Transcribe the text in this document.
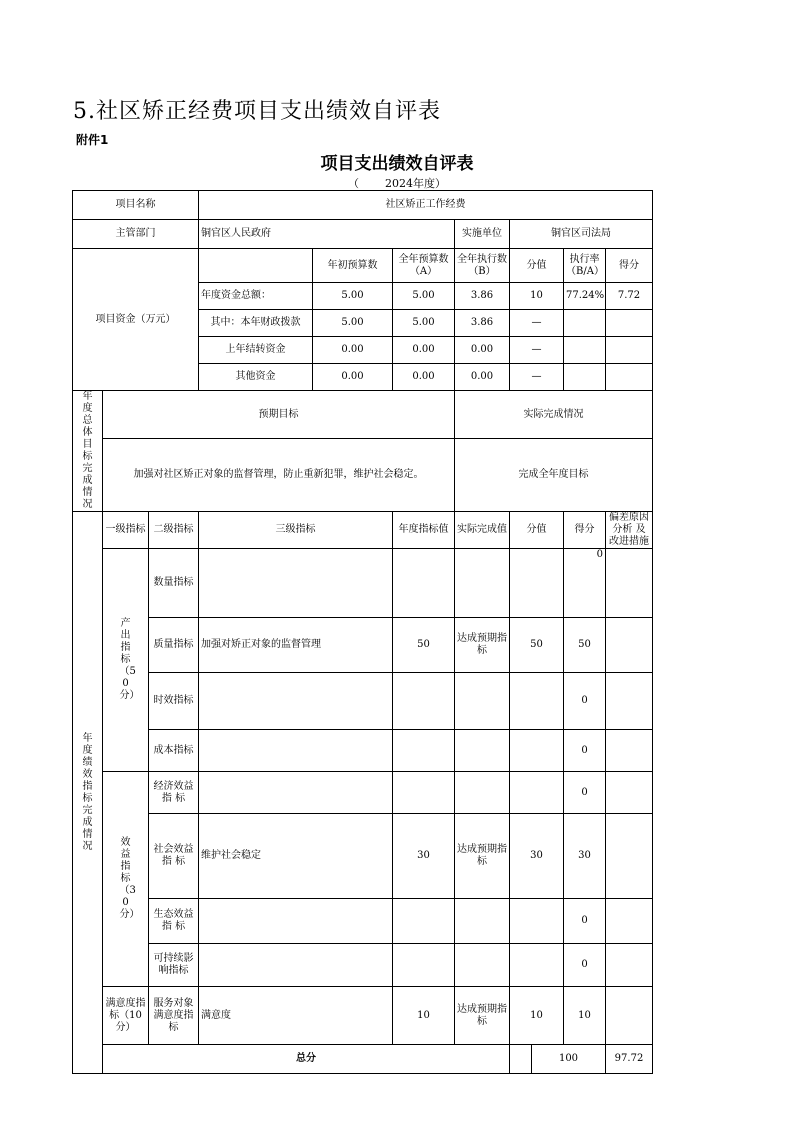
5.社区矫正经费项目支出绩效自评表
附件1
项目支出绩效自评表
（ 2024年度）
项目名称			社区矫正工作经费								
主管部门			铜官区人民政府			实施单位	铜官区司法局				
项目资金（万元）				年初预算数	全年预算数（A）	全年执行数（B）	分值		执行率（B/A）	得分	
			年度资金总额：	5.00	5.00	3.86	10		77.24%	7.72	
			其中：本年财政拨款	5.00	5.00	3.86	—				
			上年结转资金	0.00	0.00	0.00	—				
			其他资金	0.00	0.00	0.00	—				
年度总体目标完成情况	预期目标					实际完成情况					
	加强对社区矫正对象的监督管理，防止重新犯罪，维护社会稳定。					完成全年度目标					
年度绩效指标完成情况	一级指标	二级指标	三级指标		年度指标值	实际完成值	分值		得分	偏差原因分析 及 改进措施	
	产出指标（50分）	数量指标							0		
		质量指标	加强对矫正对象的监督管理		50	达成预期指标	50		50		
		时效指标							0		
		成本指标							0		
	效益指标（30分）	经济效益 指 标							0		
		社会效益 指 标	维护社会稳定		30	达成预期指标	30		30		
		生态效益 指 标							0		
		可持续影响指标							0		
	满意度指标（10分）	服务对象满意度指标	满意度		10	达成预期指标	10		10		
	总分							100		97.72	
